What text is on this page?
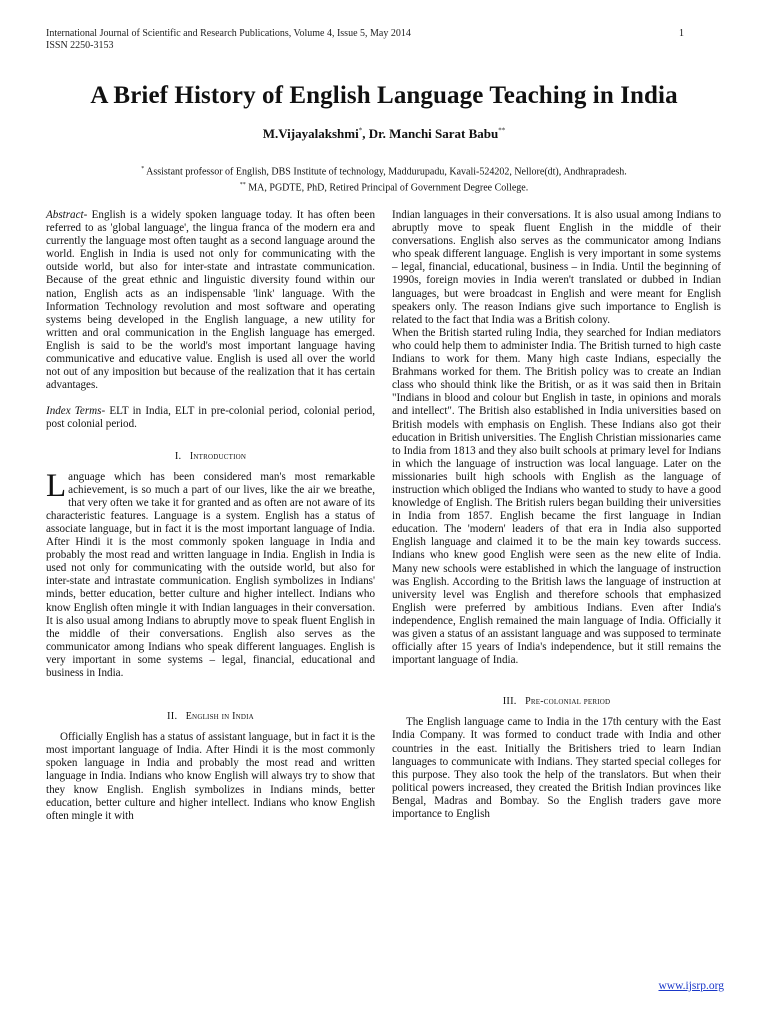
International Journal of Scientific and Research Publications, Volume 4, Issue 5, May 2014
ISSN 2250-3153
1
A Brief History of English Language Teaching in India
M.Vijayalakshmi*, Dr. Manchi Sarat Babu**
* Assistant professor of English, DBS Institute of technology, Maddurupadu, Kavali-524202, Nellore(dt), Andhrapradesh.
** MA, PGDTE, PhD, Retired Principal of Government Degree College.

Abstract- English is a widely spoken language today. It has often been referred to as 'global language', the lingua franca of the modern era and currently the language most often taught as a second language around the world. English in India is used not only for communicating with the outside world, but also for inter-state and intrastate communication. Because of the great ethnic and linguistic diversity found within our nation, English acts as an indispensable 'link' language. With the Information Technology revolution and most software and operating systems being developed in the English language, a new utility for written and oral communication in the English language has emerged. English is said to be the world's most important language having communicative and educative value. English is used all over the world not out of any imposition but because of the realization that it has certain advantages.

Index Terms- ELT in India, ELT in pre-colonial period, colonial period, post colonial period.

I. Introduction

Language which has been considered man's most remarkable achievement, is so much a part of our lives, like the air we breathe, that very often we take it for granted and as often are not aware of its characteristic features. Language is a system. English has a status of associate language, but in fact it is the most important language of India. After Hindi it is the most commonly spoken language in India and probably the most read and written language in India. English in India is used not only for communicating with the outside world, but also for inter-state and intrastate communication. English symbolizes in Indians' minds, better education, better culture and higher intellect. Indians who know English often mingle it with Indian languages in their conversation. It is also usual among Indians to abruptly move to speak fluent English in the middle of their conversations. English also serves as the communicator among Indians who speak different languages. English is very important in some systems – legal, financial, educational and business in India.

II. English in India

Officially English has a status of assistant language, but in fact it is the most important language of India. After Hindi it is the most commonly spoken language in India and probably the most read and written language in India. Indians who know English will always try to show that they know English. English symbolizes in Indians minds, better education, better culture and higher intellect. Indians who know English often mingle it with

Indian languages in their conversations. It is also usual among Indians to abruptly move to speak fluent English in the middle of their conversations. English also serves as the communicator among Indians who speak different language. English is very important in some systems – legal, financial, educational, business – in India. Until the beginning of 1990s, foreign movies in India weren't translated or dubbed in Indian languages, but were broadcast in English and were meant for English speakers only. The reason Indians give such importance to English is related to the fact that India was a British colony.

When the British started ruling India, they searched for Indian mediators who could help them to administer India. The British turned to high caste Indians to work for them. Many high caste Indians, especially the Brahmans worked for them. The British policy was to create an Indian class who should think like the British, or as it was said then in Britain "Indians in blood and colour but English in taste, in opinions and morals and intellect". The British also established in India universities based on British models with emphasis on English. These Indians also got their education in British universities. The English Christian missionaries came to India from 1813 and they also built schools at primary level for Indians in which the language of instruction was local language. Later on the missionaries built high schools with English as the language of instruction which obliged the Indians who wanted to study to have a good knowledge of English. The British rulers began building their universities in India from 1857. English became the first language in Indian education. The 'modern' leaders of that era in India also supported English language and claimed it to be the main key towards success. Indians who knew good English were seen as the new elite of India. Many new schools were established in which the language of instruction was English. According to the British laws the language of instruction at university level was English and therefore schools that emphasized English were preferred by ambitious Indians. Even after India's independence, English remained the main language of India. Officially it was given a status of an assistant language and was supposed to terminate officially after 15 years of India's independence, but it still remains the important language of India.

III. Pre-colonial period

The English language came to India in the 17th century with the East India Company. It was formed to conduct trade with India and other countries in the east. Initially the Britishers tried to learn Indian languages to communicate with Indians. They started special colleges for this purpose. They also took the help of the translators. But when their political powers increased, they created the British Indian provinces like Bengal, Madras and Bombay. So the English traders gave more importance to English

www.ijsrp.org
